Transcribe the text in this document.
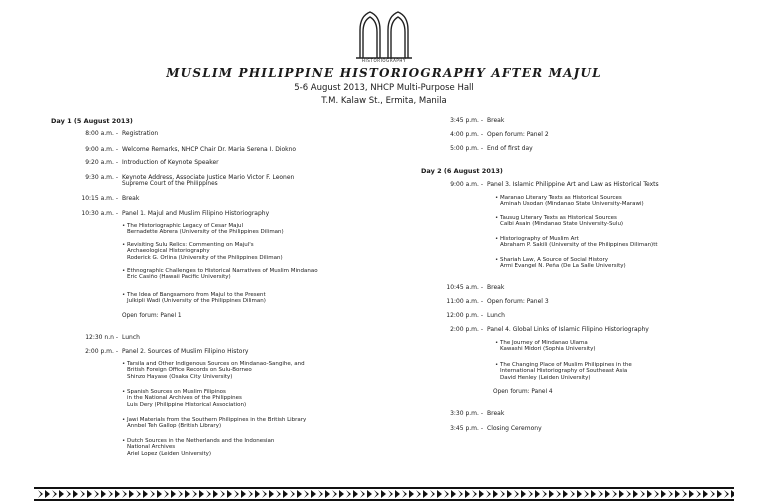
HISTORIOGRAPHY
MUSLIM PHILIPPINE HISTORIOGRAPHY AFTER MAJUL
5-6 August 2013, NHCP Multi-Purpose Hall
T.M. Kalaw St., Ermita, Manila
Day 1 (5 August 2013)
8:00 a.m. - Registration
9:00 a.m. - Welcome Remarks, NHCP Chair Dr. Maria Serena I. Diokno
9:20 a.m. - Introduction of Keynote Speaker
9:30 a.m. - Keynote Address, Associate Justice Mario Victor F. Leonen
Supreme Court of the Philippines
10:15 a.m. - Break
10:30 a.m. - Panel 1. Majul and Muslim Filipino Historiography
• The Historiographic Legacy of Cesar Majul
Bernadette Abrera (University of the Philippines Diliman)
• Revisiting Sulu Relics: Commenting on Majul's
Archaeological Historiography
Roderick G. Orlina (University of the Philippines Diliman)
• Ethnographic Challenges to Historical Narratives of Muslim Mindanao
Eric Casiño (Hawaii Pacific University)
• The Idea of Bangsamoro from Majul to the Present
Julkipli Wadi (University of the Philippines Diliman)
Open forum: Panel 1
12:30 n.n - Lunch
2:00 p.m. - Panel 2. Sources of Muslim Filipino History
• Tarsila and Other Indigenous Sources on Mindanao-Sangihe, and
British Foreign Office Records on Sulu-Borneo
Shinzo Hayase (Osaka City University)
• Spanish Sources on Muslim Filipinos
in the National Archives of the Philippines
Luis Dery (Philippine Historical Association)
• Jawi Materials from the Southern Philippines in the British Library
Annbel Teh Gallop (British Library)
• Dutch Sources in the Netherlands and the Indonesian
National Archives
Ariel Lopez (Leiden University)
3:45 p.m. - Break
4:00 p.m. - Open forum: Panel 2
5:00 p.m. - End of first day
Day 2 (6 August 2013)
9:00 a.m. - Panel 3. Islamic Philippine Art and Law as Historical Texts
• Maranao Literary Texts as Historical Sources
Aminah Usodan (Mindanao State University-Marawi)
• Tausug Literary Texts as Historical Sources
Calbi Asain (Mindanao State University-Sulu)
• Historiography of Muslim Art
Abraham P. Sakili (University of the Philippines Diliman)tt
• Shariah Law, A Source of Social History
Armi Evangel N. Peña (De La Salle University)
10:45 a.m. - Break
11:00 a.m. - Open forum: Panel 3
12:00 p.m. - Lunch
2:00 p.m. - Panel 4. Global Links of Islamic Filipino Historiography
• The Journey of Mindanao Ulama
Kawashi Midori (Sophia University)
• The Changing Place of Muslim Philippines in the
International Historiography of Southeast Asia
David Henley (Leiden University)
Open forum: Panel 4
3:30 p.m. - Break
3:45 p.m. - Closing Ceremony
